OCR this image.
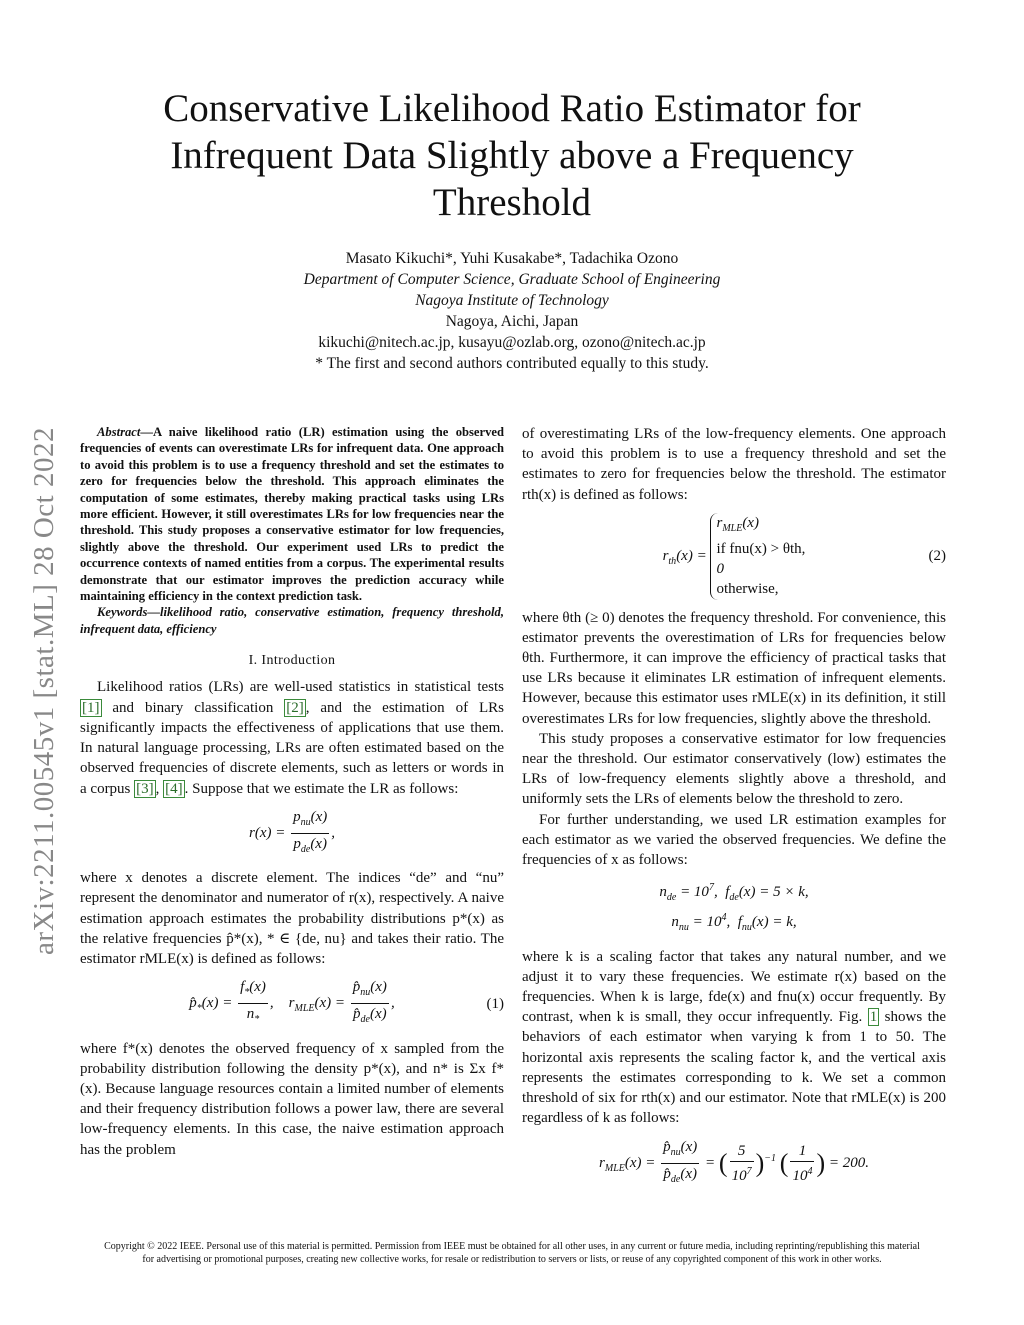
arXiv:2211.00545v1 [stat.ML] 28 Oct 2022
Conservative Likelihood Ratio Estimator for
Infrequent Data Slightly above a Frequency
Threshold
Masato Kikuchi*, Yuhi Kusakabe*, Tadachika Ozono
Department of Computer Science, Graduate School of Engineering
Nagoya Institute of Technology
Nagoya, Aichi, Japan
kikuchi@nitech.ac.jp, kusayu@ozlab.org, ozono@nitech.ac.jp
* The first and second authors contributed equally to this study.

Abstract—A naive likelihood ratio (LR) estimation using the observed frequencies of events can overestimate LRs for infrequent data. One approach to avoid this problem is to use a frequency threshold and set the estimates to zero for frequencies below the threshold. This approach eliminates the computation of some estimates, thereby making practical tasks using LRs more efficient. However, it still overestimates LRs for low frequencies near the threshold. This study proposes a conservative estimator for low frequencies, slightly above the threshold. Our experiment used LRs to predict the occurrence contexts of named entities from a corpus. The experimental results demonstrate that our estimator improves the prediction accuracy while maintaining efficiency in the context prediction task.

Keywords—likelihood ratio, conservative estimation, frequency threshold, infrequent data, efficiency

I. Introduction

Likelihood ratios (LRs) are well-used statistics in statistical tests [1] and binary classification [2] , and the estimation of LRs significantly impacts the effectiveness of applications that use them. In natural language processing, LRs are often estimated based on the observed frequencies of discrete elements, such as letters or words in a corpus [3] , [4] . Suppose that we estimate the LR as follows:

$r(x) = \frac{p_{nu}(x)}{p_{de}(x)}$ ,

where x denotes a discrete element. The indices “de” and “nu” represent the denominator and numerator of r(x), respectively. A naive estimation approach estimates the probability distributions p*(x) as the relative frequencies p̂*(x), * ∈ {de, nu} and takes their ratio. The estimator rMLE(x) is defined as follows:

$p̂_*(x) = \frac{f_*(x)}{n_*}$ ,    $r_{MLE}(x) = \frac{p̂_{nu}(x)}{p̂_{de}(x)}$ ,	(1)

where f*(x) denotes the observed frequency of x sampled from the probability distribution following the density p*(x), and n* is Σx f*(x). Because language resources contain a limited number of elements and their frequency distribution follows a power law, there are several low-frequency elements. In this case, the naive estimation approach has the problem

of overestimating LRs of the low-frequency elements. One approach to avoid this problem is to use a frequency threshold and set the estimates to zero for frequencies below the threshold. The estimator rth(x) is defined as follows:

$r_{th}(x)$ =
$r_{MLE}(x)$
if fnu(x) > θth,
0
otherwise,
(2)

where θth (≥ 0) denotes the frequency threshold. For convenience, this estimator prevents the overestimation of LRs for frequencies below θth. Furthermore, it can improve the efficiency of practical tasks that use LRs because it eliminates LR estimation of infrequent elements. However, because this estimator uses rMLE(x) in its definition, it still overestimates LRs for low frequencies, slightly above the threshold.

This study proposes a conservative estimator for low frequencies near the threshold. Our estimator conservatively (low) estimates the LRs of low-frequency elements slightly above a threshold, and uniformly sets the LRs of elements below the threshold to zero.

For further understanding, we used LR estimation examples for each estimator as we varied the observed frequencies. We define the frequencies of x as follows:

$n_{de} = 10^7$,  $f_{de}(x) = 5 \times k$,
$n_{nu} = 10^4$,  $f_{nu}(x) = k$,

where k is a scaling factor that takes any natural number, and we adjust it to vary these frequencies. We estimate r(x) based on the frequencies. When k is large, fde(x) and fnu(x) occur frequently. By contrast, when k is small, they occur infrequently. Fig. 1 shows the behaviors of each estimator when varying k from 1 to 50. The horizontal axis represents the scaling factor k, and the vertical axis represents the estimates corresponding to k. We set a common threshold of six for rth(x) and our estimator. Note that rMLE(x) is 200 regardless of k as follows:

$r_{MLE}(x) = \frac{p̂_{nu}(x)}{p̂_{de}(x)}$ = ( $\frac{5}{10^7} )^{-1}$ ( $\frac{1}{10^4}$ ) = 200.
Copyright © 2022 IEEE. Personal use of this material is permitted. Permission from IEEE must be obtained for all other uses, in any current or future media, including reprinting/republishing this material for advertising or promotional purposes, creating new collective works, for resale or redistribution to servers or lists, or reuse of any copyrighted component of this work in other works.
